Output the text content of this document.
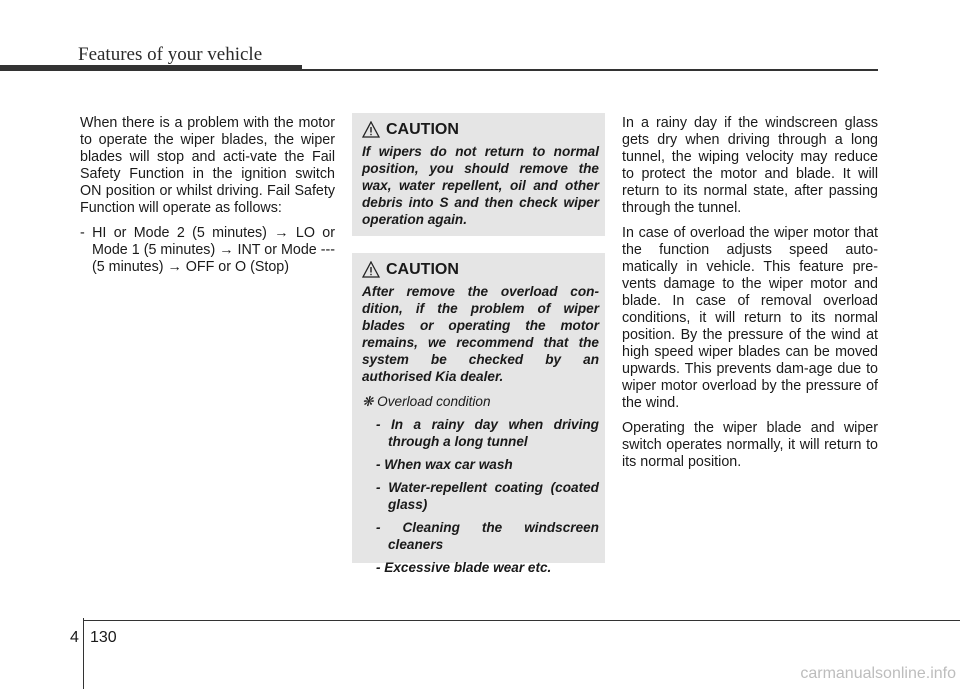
Features of your vehicle

When there is a problem with the motor to operate the wiper blades, the wiper blades will stop and acti-vate the Fail Safety Function in the ignition switch ON position or whilst driving. Fail Safety Function will operate as follows:

- HI or Mode 2 (5 minutes) → LO or Mode 1 (5 minutes) → INT or Mode --- (5 minutes) → OFF or O (Stop)

CAUTION

If wipers do not return to normal position, you should remove the wax, water repellent, oil and other debris into S and then check wiper operation again.

CAUTION

After remove the overload con-dition, if the problem of wiper blades or operating the motor remains, we recommend that the system be checked by an authorised Kia dealer.

❋ Overload condition

- In a rainy day when driving through a long tunnel
- When wax car wash
- Water-repellent coating (coated glass)
- Cleaning the windscreen cleaners
- Excessive blade wear etc.

In a rainy day if the windscreen glass gets dry when driving through a long tunnel, the wiping velocity may reduce to protect the motor and blade. It will return to its normal state, after passing through the tunnel.

In case of overload the wiper motor that the function adjusts speed auto-matically in vehicle. This feature pre-vents damage to the wiper motor and blade. In case of removal overload conditions, it will return to its normal position. By the pressure of the wind at high speed wiper blades can be moved upwards. This prevents dam-age due to wiper motor overload by the pressure of the wind.

Operating the wiper blade and wiper switch operates normally, it will return to its normal position.

4 130
carmanualsonline.info
